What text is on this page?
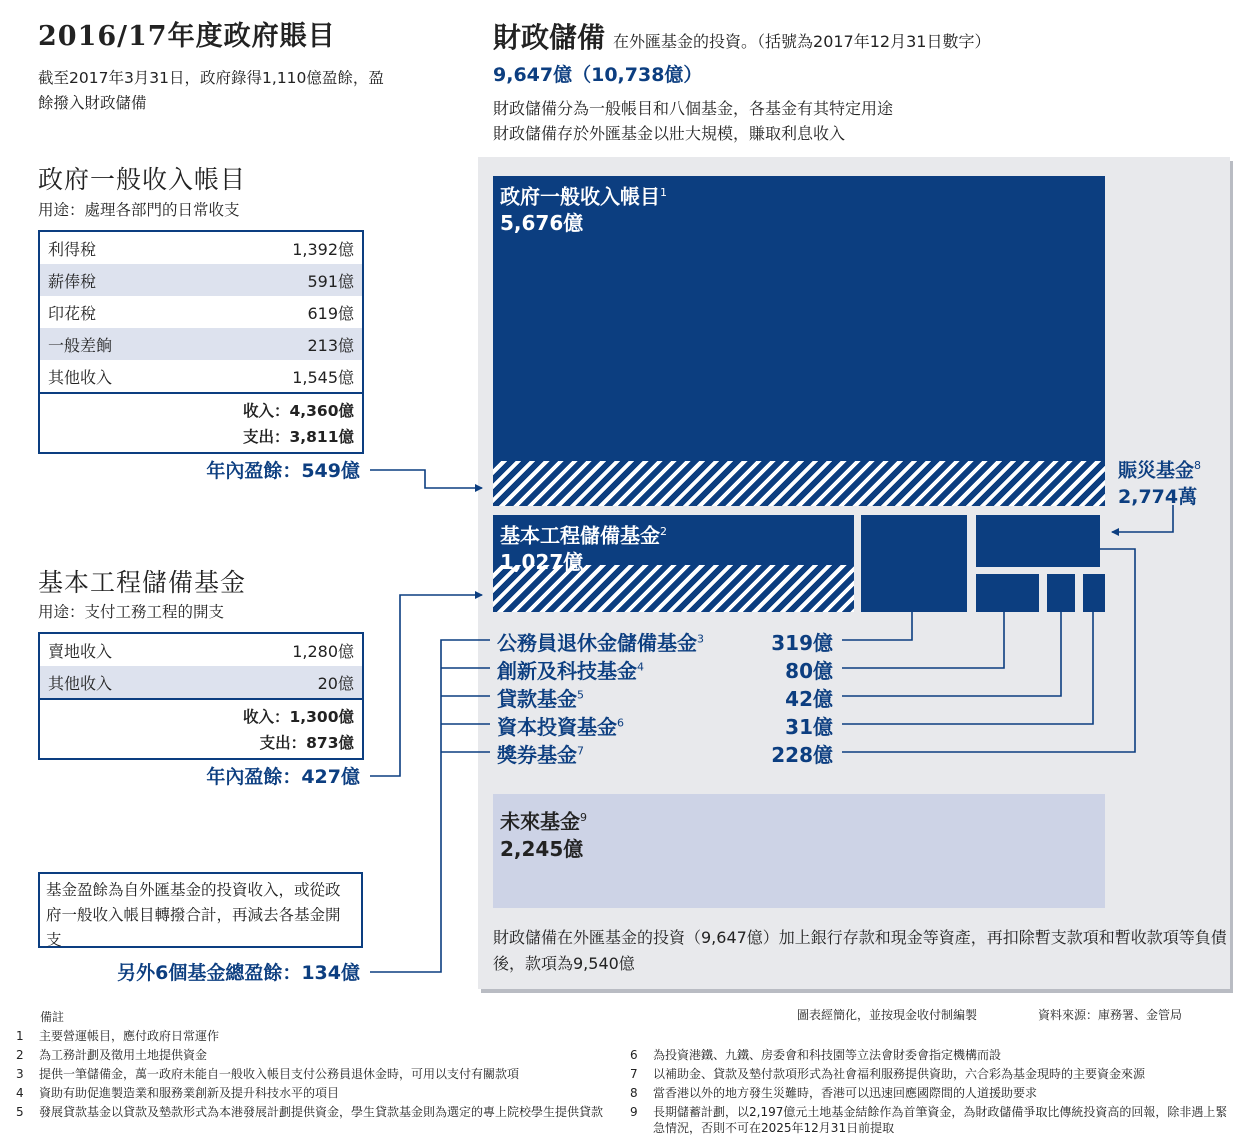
2016/17年度政府賬目
截至2017年3月31日，政府錄得1,110億盈餘，盈餘撥入財政儲備
政府一般收入帳目
用途：處理各部門的日常收支
利得稅	1,392億
薪俸稅	591億
印花稅	619億
一般差餉	213億
其他收入	1,545億
收入：4,360億
支出：3,811億
年內盈餘：549億
基本工程儲備基金
用途：支付工務工程的開支
賣地收入	1,280億
其他收入	20億
收入：1,300億
支出：873億
年內盈餘：427億
基金盈餘為自外匯基金的投資收入，或從政府一般收入帳目轉撥合計，再減去各基金開支
另外6個基金總盈餘：134億
財政儲備 在外匯基金的投資。（括號為2017年12月31日數字）
9,647億（10,738億）
財政儲備分為一般帳目和八個基金，各基金有其特定用途
財政儲備存於外匯基金以壯大規模，賺取利息收入
政府一般收入帳目$^1$
5,676億
基本工程儲備基金$^2$
1,027億
未來基金$^9$
2,245億
公務員退休金儲備基金$^3$	319億
創新及科技基金$^4$	80億
貸款基金$^5$	42億
資本投資基金$^6$	31億
獎券基金$^7$	228億
賑災基金$^8$
2,774萬
財政儲備在外匯基金的投資（9,647億）加上銀行存款和現金等資產，再扣除暫支款項和暫收款項等負債後，款項為9,540億
圖表經簡化，並按現金收付制編製	資料來源：庫務署、金管局
備註
1 主要營運帳目，應付政府日常運作
2 為工務計劃及徵用土地提供資金
3 提供一筆儲備金，萬一政府未能自一般收入帳目支付公務員退休金時，可用以支付有關款項
4 資助有助促進製造業和服務業創新及提升科技水平的項目
5	發展貸款基金以貸款及墊款形式為本港發展計劃提供資金，學生貸款基金則為選定的專上院校學生提供貸款
6 為投資港鐵、九鐵、房委會和科技園等立法會財委會指定機構而設
7 以補助金、貸款及墊付款項形式為社會福利服務提供資助，六合彩為基金現時的主要資金來源
8 當香港以外的地方發生災難時，香港可以迅速回應國際間的人道援助要求
9	長期儲蓄計劃，以2,197億元土地基金結餘作為首筆資金，為財政儲備爭取比傳統投資高的回報，除非遇上緊急情況，否則不可在2025年12月31日前提取
